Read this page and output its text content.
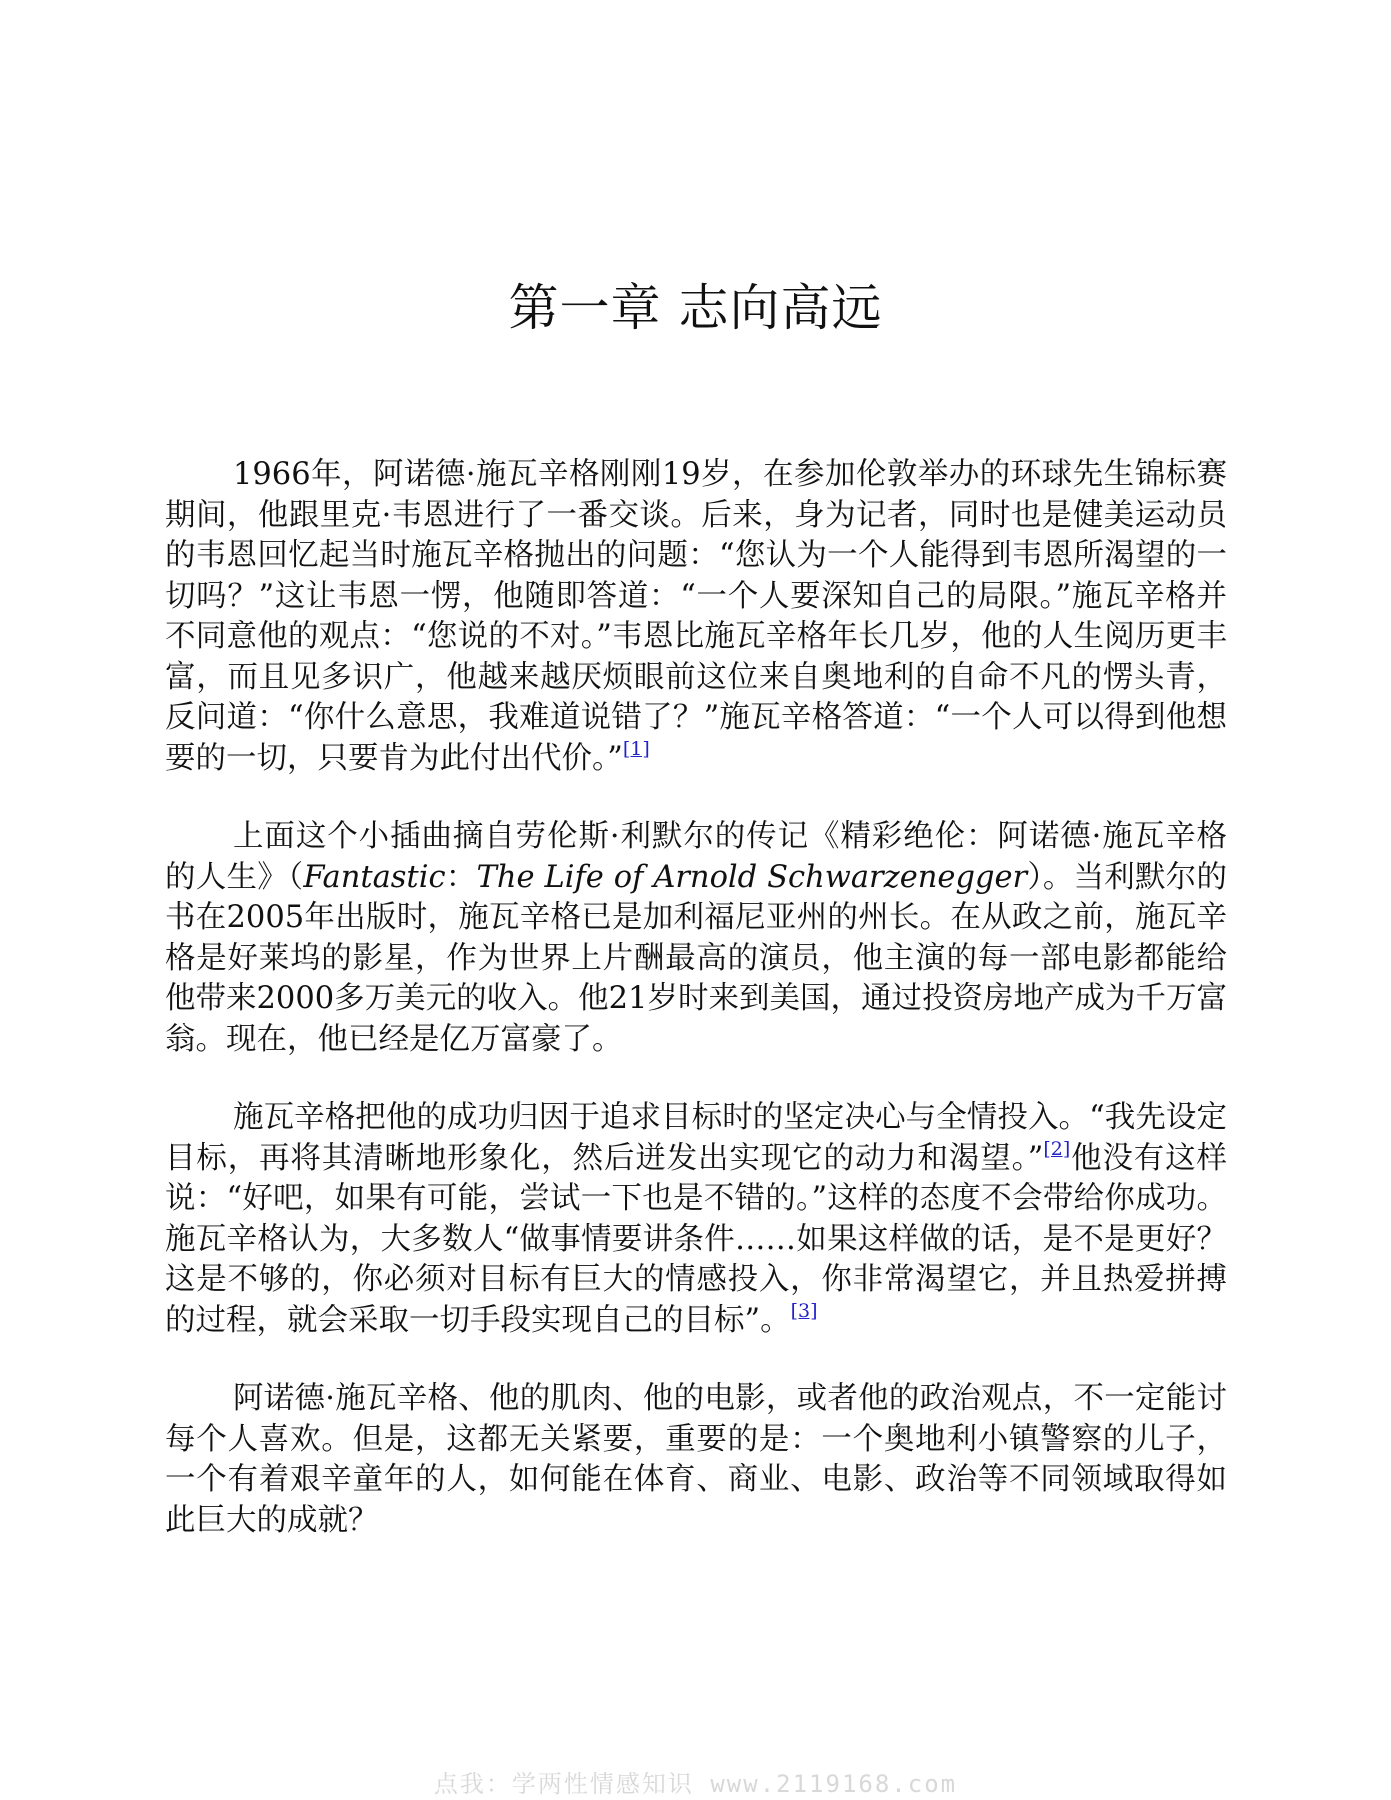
第一章 志向高远

1966年，阿诺德·施瓦辛格刚刚19岁，在参加伦敦举办的环球先生锦标赛期间，他跟里克·韦恩进行了一番交谈。后来，身为记者，同时也是健美运动员的韦恩回忆起当时施瓦辛格抛出的问题：“您认为一个人能得到韦恩所渴望的一切吗？”这让韦恩一愣，他随即答道：“一个人要深知自己的局限。”施瓦辛格并不同意他的观点：“您说的不对。”韦恩比施瓦辛格年长几岁，他的人生阅历更丰富，而且见多识广，他越来越厌烦眼前这位来自奥地利的自命不凡的愣头青，反问道：“你什么意思，我难道说错了？”施瓦辛格答道：“一个人可以得到他想要的一切，只要肯为此付出代价。”[1]

上面这个小插曲摘自劳伦斯·利默尔的传记《精彩绝伦：阿诺德·施瓦辛格的人生》（Fantastic：The Life of Arnold Schwarzenegger）。当利默尔的书在2005年出版时，施瓦辛格已是加利福尼亚州的州长。在从政之前，施瓦辛格是好莱坞的影星，作为世界上片酬最高的演员，他主演的每一部电影都能给他带来2000多万美元的收入。他21岁时来到美国，通过投资房地产成为千万富翁。现在，他已经是亿万富豪了。

施瓦辛格把他的成功归因于追求目标时的坚定决心与全情投入。“我先设定目标，再将其清晰地形象化，然后迸发出实现它的动力和渴望。”[2]他没有这样说：“好吧，如果有可能，尝试一下也是不错的。”这样的态度不会带给你成功。施瓦辛格认为，大多数人“做事情要讲条件……如果这样做的话，是不是更好？这是不够的，你必须对目标有巨大的情感投入，你非常渴望它，并且热爱拼搏的过程，就会采取一切手段实现自己的目标”。[3]

阿诺德·施瓦辛格、他的肌肉、他的电影，或者他的政治观点，不一定能讨每个人喜欢。但是，这都无关紧要，重要的是：一个奥地利小镇警察的儿子，一个有着艰辛童年的人，如何能在体育、商业、电影、政治等不同领域取得如此巨大的成就？

点我：学两性情感知识 www.2119168.com
